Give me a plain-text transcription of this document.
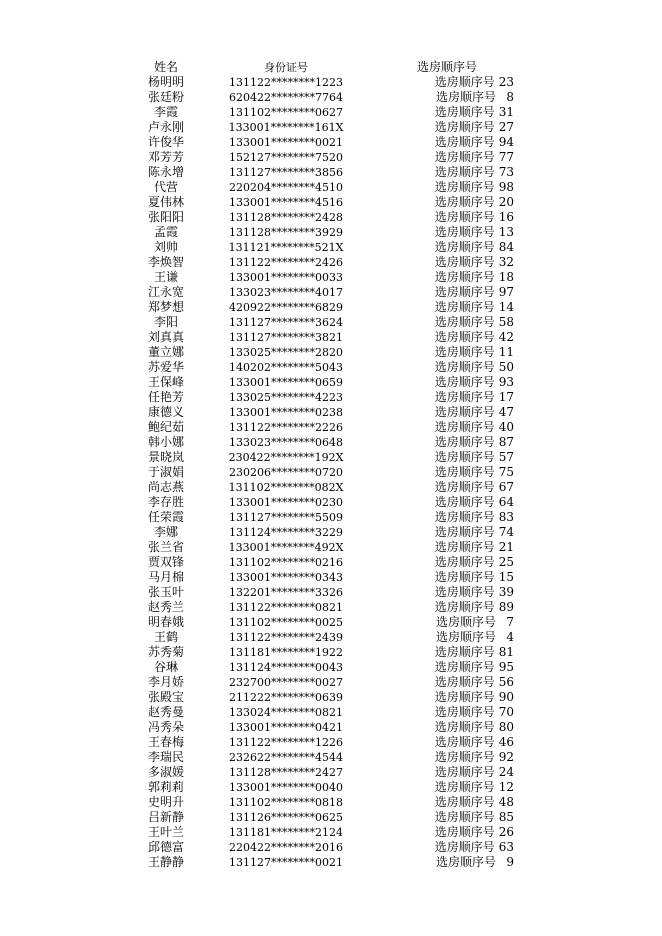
姓名	身份证号	选房顺序号
杨明明	131122********1223	选房顺序号 23
张廷粉	620422********7764	选房顺序号 8
李霞	131102********0627	选房顺序号 31
卢永刚	133001********161X	选房顺序号 27
许俊华	133001********0021	选房顺序号 94
邓芳芳	152127********7520	选房顺序号 77
陈永增	131127********3856	选房顺序号 73
代营	220204********4510	选房顺序号 98
夏伟林	133001********4516	选房顺序号 20
张阳阳	131128********2428	选房顺序号 16
孟霞	131128********3929	选房顺序号 13
刘帅	131121********521X	选房顺序号 84
李焕智	131122********2426	选房顺序号 32
王谦	133001********0033	选房顺序号 18
江永宽	133023********4017	选房顺序号 97
郑梦想	420922********6829	选房顺序号 14
李阳	131127********3624	选房顺序号 58
刘真真	131127********3821	选房顺序号 42
董立娜	133025********2820	选房顺序号 11
苏爱华	140202********5043	选房顺序号 50
王保峰	133001********0659	选房顺序号 93
任艳芳	133025********4223	选房顺序号 17
康德义	133001********0238	选房顺序号 47
鲍纪茹	131122********2226	选房顺序号 40
韩小娜	133023********0648	选房顺序号 87
景晓岚	230422********192X	选房顺序号 57
于淑娟	230206********0720	选房顺序号 75
尚志燕	131102********082X	选房顺序号 67
李存胜	133001********0230	选房顺序号 64
任荣霞	131127********5509	选房顺序号 83
李娜	131124********3229	选房顺序号 74
张兰省	133001********492X	选房顺序号 21
贾双锋	131102********0216	选房顺序号 25
马月棉	133001********0343	选房顺序号 15
张玉叶	132201********3326	选房顺序号 39
赵秀兰	131122********0821	选房顺序号 89
明春娥	131102********0025	选房顺序号 7
王鹤	131122********2439	选房顺序号 4
苏秀菊	131181********1922	选房顺序号 81
谷琳	131124********0043	选房顺序号 95
李月娇	232700********0027	选房顺序号 56
张殿宝	211222********0639	选房顺序号 90
赵秀曼	133024********0821	选房顺序号 70
冯秀朵	133001********0421	选房顺序号 80
王春梅	131122********1226	选房顺序号 46
李瑞民	232622********4544	选房顺序号 92
多淑媛	131128********2427	选房顺序号 24
郭莉莉	133001********0040	选房顺序号 12
史明升	131102********0818	选房顺序号 48
吕新静	131126********0625	选房顺序号 85
王叶兰	131181********2124	选房顺序号 26
邱德富	220422********2016	选房顺序号 63
王静静	131127********0021	选房顺序号 9
